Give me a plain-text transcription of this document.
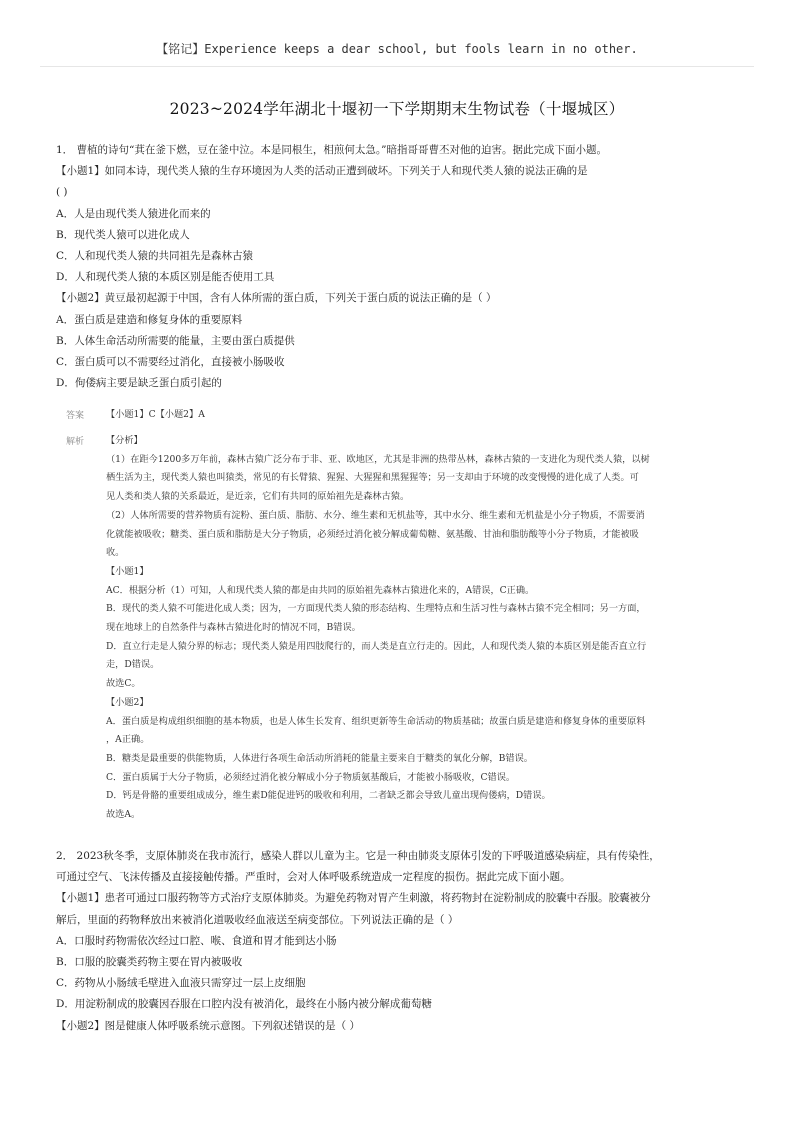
【铭记】Experience keeps a dear school, but fools learn in no other.
2023~2024学年湖北十堰初一下学期期末生物试卷（十堰城区）
1． 曹植的诗句“萁在釜下燃，豆在釜中泣。本是同根生，相煎何太急。”暗指哥哥曹丕对他的迫害。据此完成下面小题。
【小题1】如同本诗，现代类人猿的生存环境因为人类的活动正遭到破坏。下列关于人和现代类人猿的说法正确的是
( )
A．人是由现代类人猿进化而来的
B．现代类人猿可以进化成人
C．人和现代类人猿的共同祖先是森林古猿
D．人和现代类人猿的本质区别是能否使用工具
【小题2】黄豆最初起源于中国，含有人体所需的蛋白质，下列关于蛋白质的说法正确的是（ ）
A．蛋白质是建造和修复身体的重要原料
B．人体生命活动所需要的能量，主要由蛋白质提供
C．蛋白质可以不需要经过消化，直接被小肠吸收
D．佝偻病主要是缺乏蛋白质引起的
答案 【小题1】C【小题2】A
解析 【分析】
（1）在距今1200多万年前，森林古猿广泛分布于非、亚、欧地区，尤其是非洲的热带丛林，森林古猿的一支进化为现代类人猿，以树
栖生活为主，现代类人猿也叫猿类，常见的有长臂猿、猩猩、大猩猩和黑猩猩等；另一支却由于环境的改变慢慢的进化成了人类。可
见人类和类人猿的关系最近，是近亲，它们有共同的原始祖先是森林古猿。
（2）人体所需要的营养物质有淀粉、蛋白质、脂肪、水分、维生素和无机盐等，其中水分、维生素和无机盐是小分子物质，不需要消
化就能被吸收；糖类、蛋白质和脂肪是大分子物质，必须经过消化被分解成葡萄糖、氨基酸、甘油和脂肪酸等小分子物质，才能被吸
收。
【小题1】
AC．根据分析（1）可知，人和现代类人猿的都是由共同的原始祖先森林古猿进化来的，A错误，C正确。
B．现代的类人猿不可能进化成人类；因为，一方面现代类人猿的形态结构、生理特点和生活习性与森林古猿不完全相同；另一方面，
现在地球上的自然条件与森林古猿进化时的情况不同，B错误。
D．直立行走是人猿分界的标志；现代类人猿是用四肢爬行的，而人类是直立行走的。因此，人和现代类人猿的本质区别是能否直立行
走，D错误。
故选C。
【小题2】
A．蛋白质是构成组织细胞的基本物质，也是人体生长发育、组织更新等生命活动的物质基础；故蛋白质是建造和修复身体的重要原料
，A正确。
B．糖类是最重要的供能物质，人体进行各项生命活动所消耗的能量主要来自于糖类的氧化分解，B错误。
C．蛋白质属于大分子物质，必须经过消化被分解成小分子物质氨基酸后，才能被小肠吸收，C错误。
D．钙是骨骼的重要组成成分，维生素D能促进钙的吸收和利用，二者缺乏都会导致儿童出现佝偻病，D错误。
故选A。
2． 2023秋冬季，支原体肺炎在我市流行，感染人群以儿童为主。它是一种由肺炎支原体引发的下呼吸道感染病症，具有传染性，
可通过空气、飞沫传播及直接接触传播。严重时，会对人体呼吸系统造成一定程度的损伤。据此完成下面小题。
【小题1】患者可通过口服药物等方式治疗支原体肺炎。为避免药物对胃产生刺激，将药物封在淀粉制成的胶囊中吞服。胶囊被分
解后，里面的药物释放出来被消化道吸收经血液送至病变部位。下列说法正确的是（ ）
A．口服时药物需依次经过口腔、喉、食道和胃才能到达小肠
B．口服的胶囊类药物主要在胃内被吸收
C．药物从小肠绒毛壁进入血液只需穿过一层上皮细胞
D．用淀粉制成的胶囊因吞服在口腔内没有被消化，最终在小肠内被分解成葡萄糖
【小题2】图是健康人体呼吸系统示意图。下列叙述错误的是（ ）
